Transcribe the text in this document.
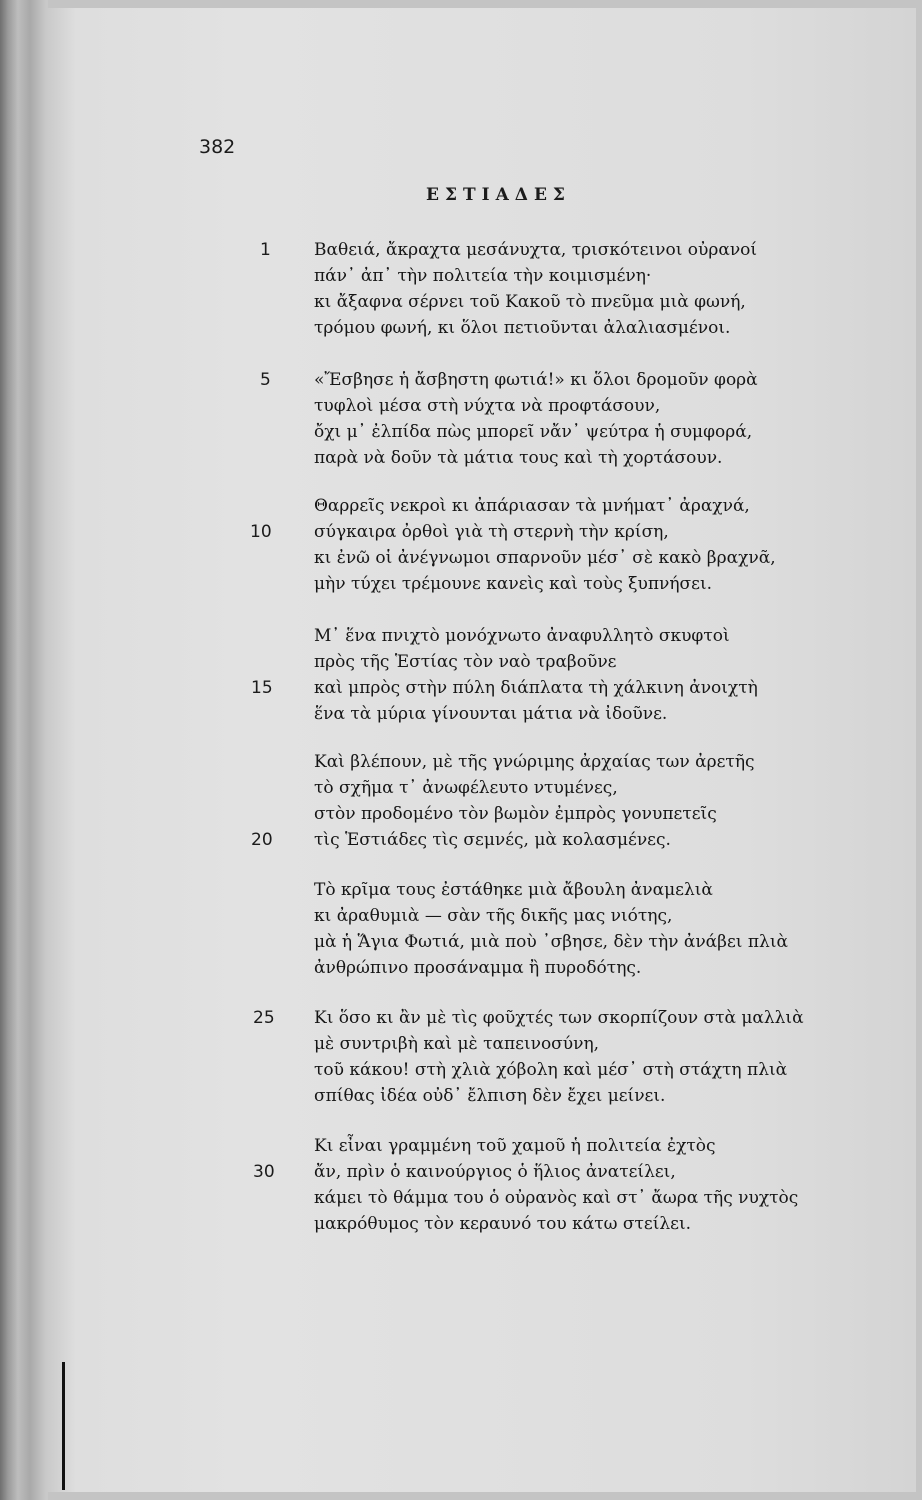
382
ΕΣΤΙΑΔΕΣ
Βαθειά, ἄκραχτα μεσάνυχτα, τρισκότεινοι οὐρανοί
πάν᾽ ἀπ᾽ τὴν πολιτεία τὴν κοιμισμένη·
κι ἄξαφνα σέρνει τοῦ Κακοῦ τὸ πνεῦμα μιὰ φωνή,
τρόμου φωνή, κι ὅλοι πετιοῦνται ἀλαλιασμένοι.
«Ἔσβησε ἡ ἄσβηστη φωτιά!» κι ὅλοι δρομοῦν φορὰ
τυφλοὶ μέσα στὴ νύχτα νὰ προφτάσουν,
ὄχι μ᾽ ἐλπίδα πὼς μπορεῖ νἄν᾽ ψεύτρα ἡ συμφορά,
παρὰ νὰ δοῦν τὰ μάτια τους καὶ τὴ χορτάσουν.
Θαρρεῖς νεκροὶ κι ἀπάριασαν τὰ μνήματ᾽ ἀραχνά,
σύγκαιρα ὀρθοὶ γιὰ τὴ στερνὴ τὴν κρίση,
κι ἐνῶ οἱ ἀνέγνωμοι σπαρνοῦν μέσ᾽ σὲ κακὸ βραχνᾶ,
μὴν τύχει τρέμουνε κανεὶς καὶ τοὺς ξυπνήσει.
Μ᾽ ἕνα πνιχτὸ μονόχνωτο ἀναφυλλητὸ σκυφτοὶ
πρὸς τῆς Ἑστίας τὸν ναὸ τραβοῦνε
καὶ μπρὸς στὴν πύλη διάπλατα τὴ χάλκινη ἀνοιχτὴ
ἕνα τὰ μύρια γίνουνται μάτια νὰ ἰδοῦνε.
Καὶ βλέπουν, μὲ τῆς γνώριμης ἀρχαίας των ἀρετῆς
τὸ σχῆμα τ᾽ ἀνωφέλευτο ντυμένες,
στὸν προδομένο τὸν βωμὸν ἐμπρὸς γονυπετεῖς
τὶς Ἑστιάδες τὶς σεμνές, μὰ κολασμένες.
Τὸ κρῖμα τους ἐστάθηκε μιὰ ἄβουλη ἀναμελιὰ
κι ἀραθυμιὰ — σὰν τῆς δικῆς μας νιότης,
μὰ ἡ Ἅγια Φωτιά, μιὰ ποὺ ᾽σβησε, δὲν τὴν ἀνάβει πλιὰ
ἀνθρώπινο προσάναμμα ἢ πυροδότης.
Κι ὅσο κι ἂν μὲ τὶς φοῦχτές των σκορπίζουν στὰ μαλλιὰ
μὲ συντριβὴ καὶ μὲ ταπεινοσύνη,
τοῦ κάκου! στὴ χλιὰ χόβολη καὶ μέσ᾽ στὴ στάχτη πλιὰ
σπίθας ἰδέα οὐδ᾽ ἔλπιση δὲν ἔχει μείνει.
Κι εἶναι γραμμένη τοῦ χαμοῦ ἡ πολιτεία ἐχτὸς
ἄν, πρὶν ὁ καινούργιος ὁ ἥλιος ἀνατείλει,
κάμει τὸ θάμμα του ὁ οὐρανὸς καὶ στ᾽ ἄωρα τῆς νυχτὸς
μακρόθυμος τὸν κεραυνό του κάτω στείλει.
1
5
10
15
20
25
30
